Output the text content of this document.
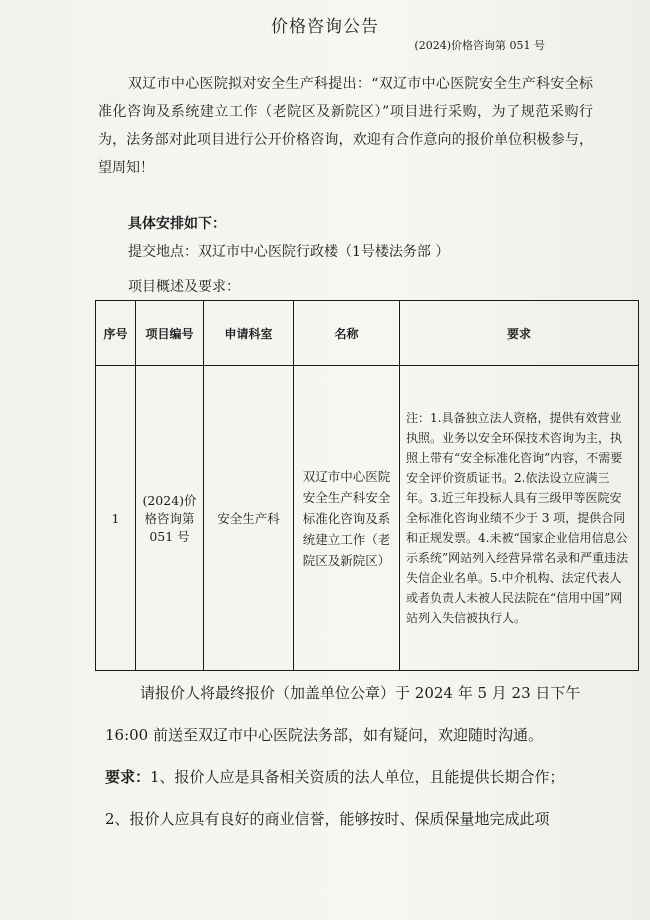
价格咨询公告
(2024)价格咨询第 051 号
双辽市中心医院拟对安全生产科提出：“双辽市中心医院安全生产科安全标准化咨询及系统建立工作（老院区及新院区）”项目进行采购，为了规范采购行为，法务部对此项目进行公开价格咨询，欢迎有合作意向的报价单位积极参与，望周知！
具体安排如下：
提交地点：双辽市中心医院行政楼（1号楼法务部 ）
项目概述及要求：
序号	项目编号	申请科室	名称	要求
1	(2024)价格咨询第 051 号	安全生产科	双辽市中心医院安全生产科安全标准化咨询及系统建立工作（老院区及新院区）	注：1.具备独立法人资格，提供有效营业执照。业务以安全环保技术咨询为主，执照上带有“安全标准化咨询”内容，不需要安全评价资质证书。2.依法设立应满三年。3.近三年投标人具有三级甲等医院安全标准化咨询业绩不少于 3 项，提供合同和正规发票。4.未被“国家企业信用信息公示系统”网站列入经营异常名录和严重违法失信企业名单。5.中介机构、法定代表人或者负责人未被人民法院在“信用中国”网站列入失信被执行人。
请报价人将最终报价（加盖单位公章）于 2024 年 5 月 23 日下午
16:00 前送至双辽市中心医院法务部，如有疑问，欢迎随时沟通。
要求：1、报价人应是具备相关资质的法人单位，且能提供长期合作；
2、报价人应具有良好的商业信誉，能够按时、保质保量地完成此项
